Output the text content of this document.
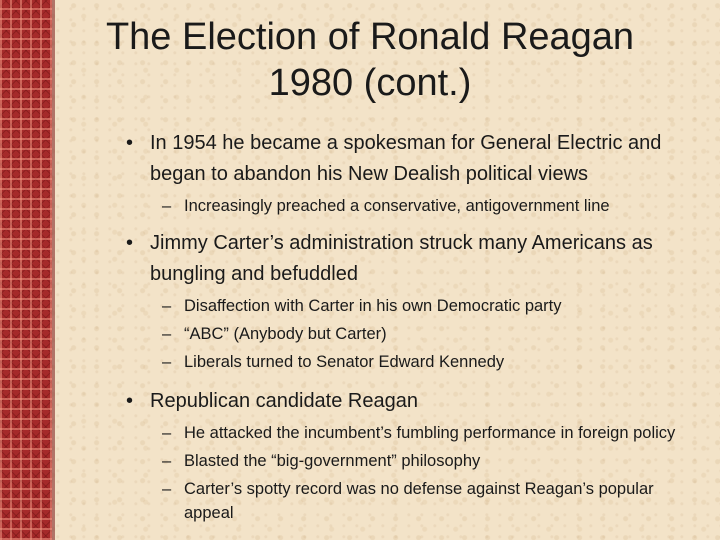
The Election of Ronald Reagan
1980 (cont.)
• In 1954 he became a spokesman for General Electric and began to abandon his New Dealish political views
– Increasingly preached a conservative, antigovernment line
• Jimmy Carter’s administration struck many Americans as bungling and befuddled
– Disaffection with Carter in his own Democratic party
– “ABC” (Anybody but Carter)
– Liberals turned to Senator Edward Kennedy
• Republican candidate Reagan
– He attacked the incumbent’s fumbling performance in foreign policy
– Blasted the “big-government” philosophy
– Carter’s spotty record was no defense against Reagan’s popular appeal
